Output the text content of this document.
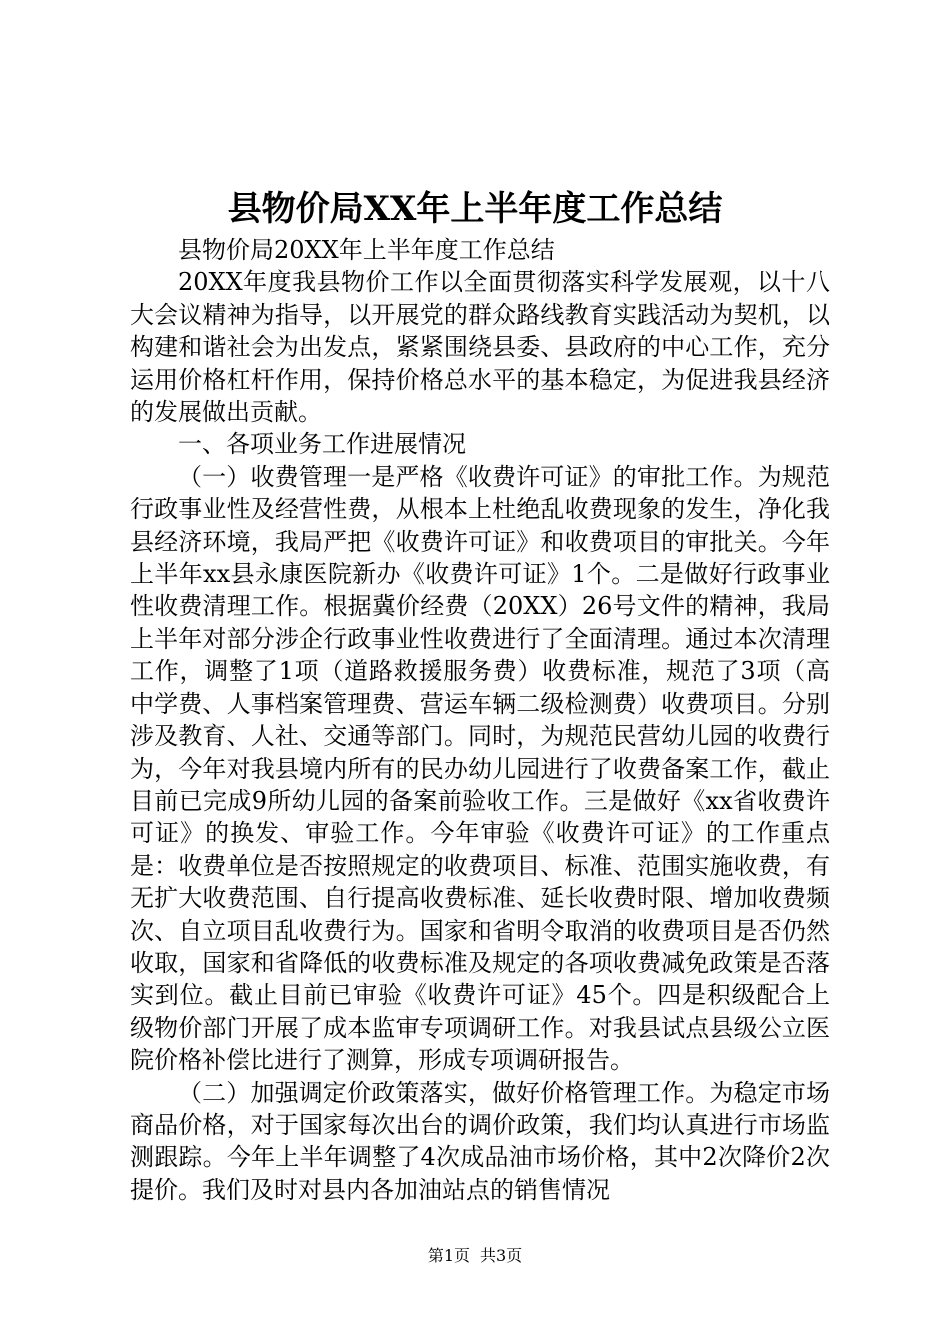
县物价局XX年上半年度工作总结

县物价局20XX年上半年度工作总结

20XX年度我县物价工作以全面贯彻落实科学发展观，以十八大会议精神为指导，以开展党的群众路线教育实践活动为契机，以构建和谐社会为出发点，紧紧围绕县委、县政府的中心工作，充分运用价格杠杆作用，保持价格总水平的基本稳定，为促进我县经济的发展做出贡献。

一、各项业务工作进展情况

（一）收费管理一是严格《收费许可证》的审批工作。为规范行政事业性及经营性费，从根本上杜绝乱收费现象的发生，净化我县经济环境，我局严把《收费许可证》和收费项目的审批关。今年上半年xx县永康医院新办《收费许可证》1个。二是做好行政事业性收费清理工作。根据冀价经费（20XX）26号文件的精神，我局上半年对部分涉企行政事业性收费进行了全面清理。通过本次清理工作，调整了1项（道路救援服务费）收费标准，规范了3项（高中学费、人事档案管理费、营运车辆二级检测费）收费项目。分别涉及教育、人社、交通等部门。同时，为规范民营幼儿园的收费行为，今年对我县境内所有的民办幼儿园进行了收费备案工作，截止目前已完成9所幼儿园的备案前验收工作。三是做好《xx省收费许可证》的换发、审验工作。今年审验《收费许可证》的工作重点是：收费单位是否按照规定的收费项目、标准、范围实施收费，有无扩大收费范围、自行提高收费标准、延长收费时限、增加收费频次、自立项目乱收费行为。国家和省明令取消的收费项目是否仍然收取，国家和省降低的收费标准及规定的各项收费减免政策是否落实到位。截止目前已审验《收费许可证》45个。四是积级配合上级物价部门开展了成本监审专项调研工作。对我县试点县级公立医院价格补偿比进行了测算，形成专项调研报告。

（二）加强调定价政策落实，做好价格管理工作。为稳定市场商品价格，对于国家每次出台的调价政策，我们均认真进行市场监测跟踪。今年上半年调整了4次成品油市场价格，其中2次降价2次提价。我们及时对县内各加油站点的销售情况

第1页 共3页
